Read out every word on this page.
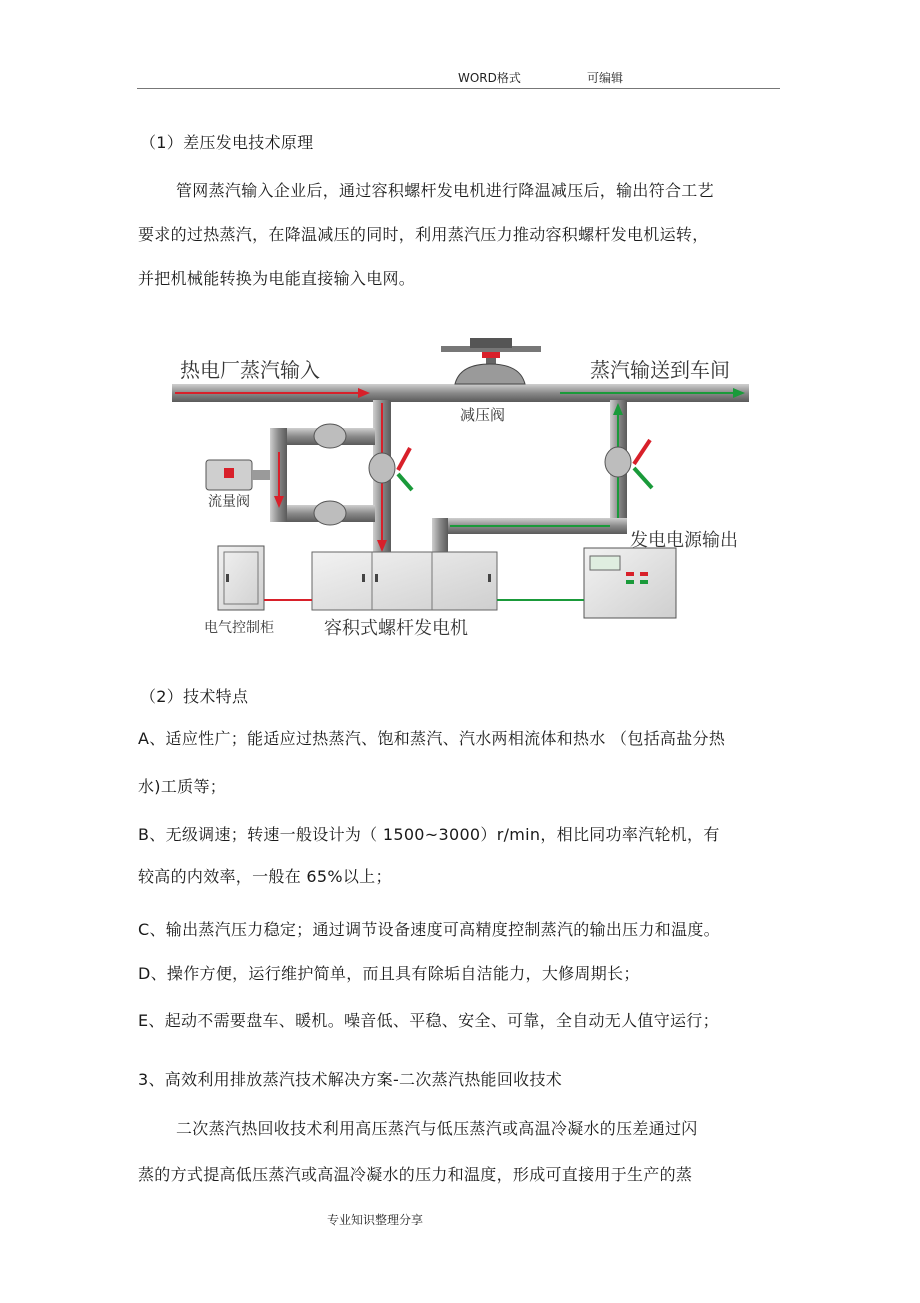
WORD格式	可编辑
（1）差压发电技术原理
管网蒸汽输入企业后，通过容积螺杆发电机进行降温减压后，输出符合工艺
要求的过热蒸汽，在降温减压的同时，利用蒸汽压力推动容积螺杆发电机运转，
并把机械能转换为电能直接输入电网。
热电厂蒸汽输入	蒸汽输送到车间
减压阀
流量阀
发电电源输出
电气控制柜	容积式螺杆发电机
（2）技术特点
A、适应性广；能适应过热蒸汽、饱和蒸汽、汽水两相流体和热水 （包括高盐分热
水)工质等；
B、无级调速；转速一般设计为（ 1500~3000）r/min，相比同功率汽轮机，有
较高的内效率，一般在 65%以上；
C、输出蒸汽压力稳定；通过调节设备速度可高精度控制蒸汽的输出压力和温度。
D、操作方便，运行维护简单，而且具有除垢自洁能力，大修周期长；
E、起动不需要盘车、暖机。噪音低、平稳、安全、可靠，全自动无人值守运行；
3、高效利用排放蒸汽技术解决方案-二次蒸汽热能回收技术
二次蒸汽热回收技术利用高压蒸汽与低压蒸汽或高温冷凝水的压差通过闪
蒸的方式提高低压蒸汽或高温冷凝水的压力和温度，形成可直接用于生产的蒸
专业知识整理分享
